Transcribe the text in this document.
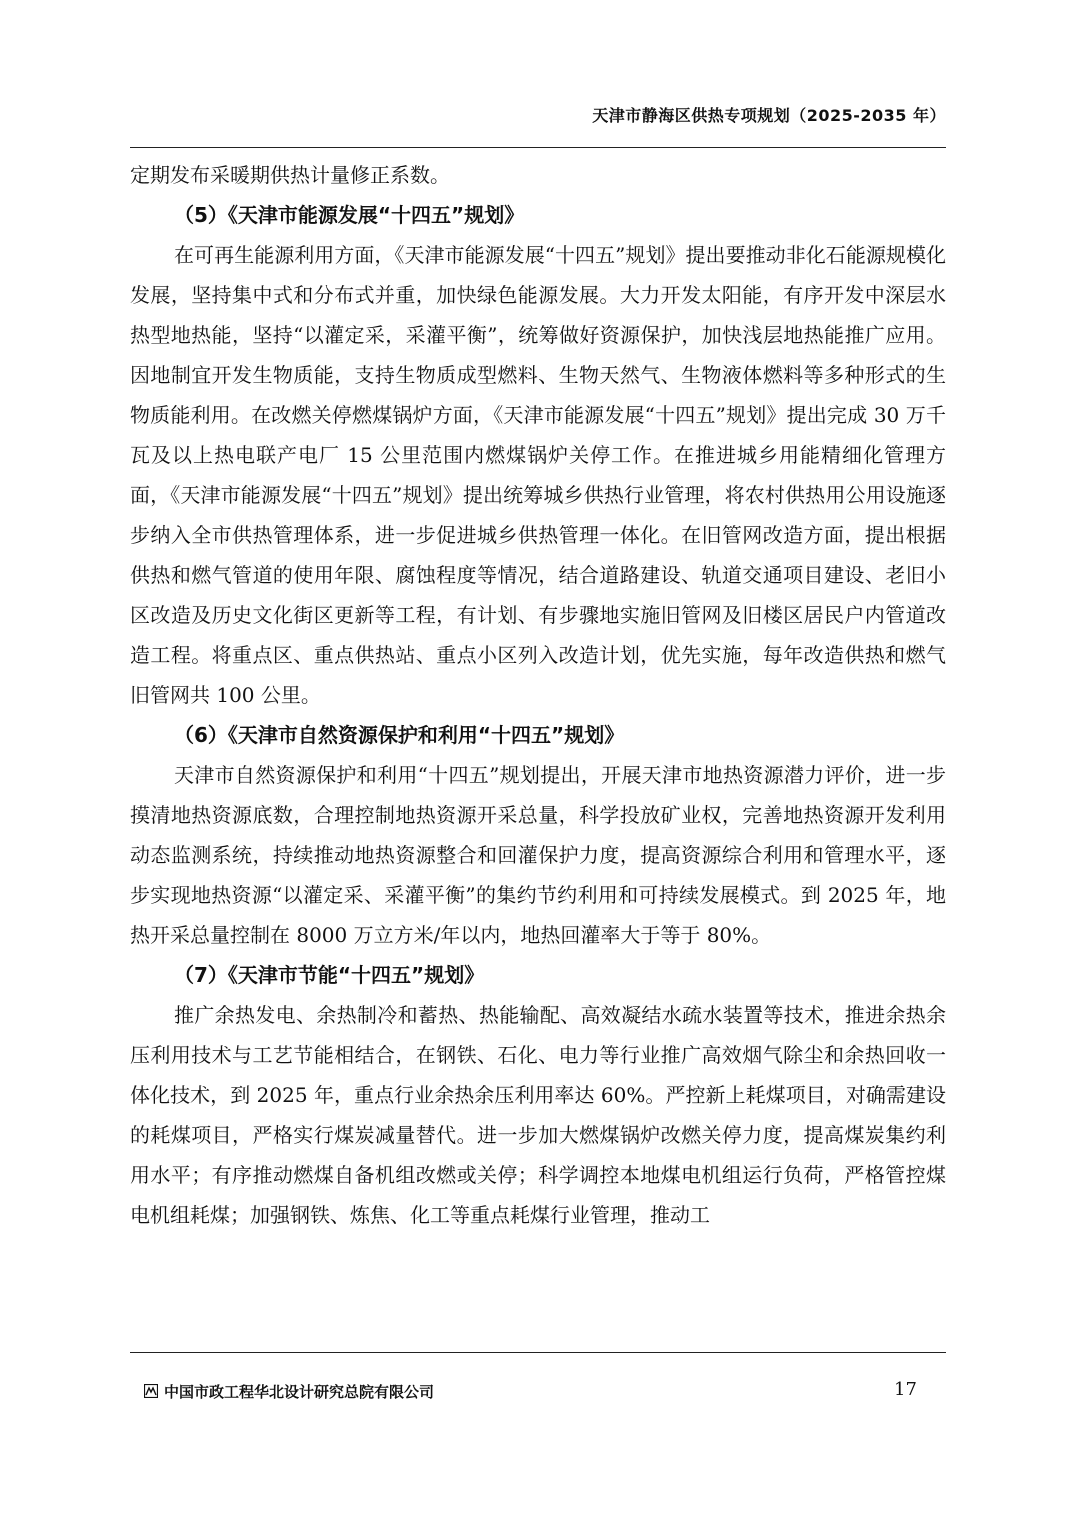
天津市静海区供热专项规划（2025-2035 年）

定期发布采暖期供热计量修正系数。

（5）《天津市能源发展“十四五”规划》

在可再生能源利用方面，《天津市能源发展“十四五”规划》提出要推动非化石能源规模化发展，坚持集中式和分布式并重，加快绿色能源发展。大力开发太阳能，有序开发中深层水热型地热能，坚持“以灌定采，采灌平衡”，统筹做好资源保护，加快浅层地热能推广应用。因地制宜开发生物质能，支持生物质成型燃料、生物天然气、生物液体燃料等多种形式的生物质能利用。在改燃关停燃煤锅炉方面，《天津市能源发展“十四五”规划》提出完成 30 万千瓦及以上热电联产电厂 15 公里范围内燃煤锅炉关停工作。在推进城乡用能精细化管理方面，《天津市能源发展“十四五”规划》提出统筹城乡供热行业管理，将农村供热用公用设施逐步纳入全市供热管理体系，进一步促进城乡供热管理一体化。在旧管网改造方面，提出根据供热和燃气管道的使用年限、腐蚀程度等情况，结合道路建设、轨道交通项目建设、老旧小区改造及历史文化街区更新等工程，有计划、有步骤地实施旧管网及旧楼区居民户内管道改造工程。将重点区、重点供热站、重点小区列入改造计划，优先实施，每年改造供热和燃气旧管网共 100 公里。

（6）《天津市自然资源保护和利用“十四五”规划》

天津市自然资源保护和利用“十四五”规划提出，开展天津市地热资源潜力评价，进一步摸清地热资源底数，合理控制地热资源开采总量，科学投放矿业权，完善地热资源开发利用动态监测系统，持续推动地热资源整合和回灌保护力度，提高资源综合利用和管理水平，逐步实现地热资源“以灌定采、采灌平衡”的集约节约利用和可持续发展模式。到 2025 年，地热开采总量控制在 8000 万立方米/年以内，地热回灌率大于等于 80%。

（7）《天津市节能“十四五”规划》

推广余热发电、余热制冷和蓄热、热能输配、高效凝结水疏水装置等技术，推进余热余压利用技术与工艺节能相结合，在钢铁、石化、电力等行业推广高效烟气除尘和余热回收一体化技术，到 2025 年，重点行业余热余压利用率达 60%。严控新上耗煤项目，对确需建设的耗煤项目，严格实行煤炭减量替代。进一步加大燃煤锅炉改燃关停力度，提高煤炭集约利用水平；有序推动燃煤自备机组改燃或关停；科学调控本地煤电机组运行负荷，严格管控煤电机组耗煤；加强钢铁、炼焦、化工等重点耗煤行业管理，推动工

中国市政工程华北设计研究总院有限公司	17
